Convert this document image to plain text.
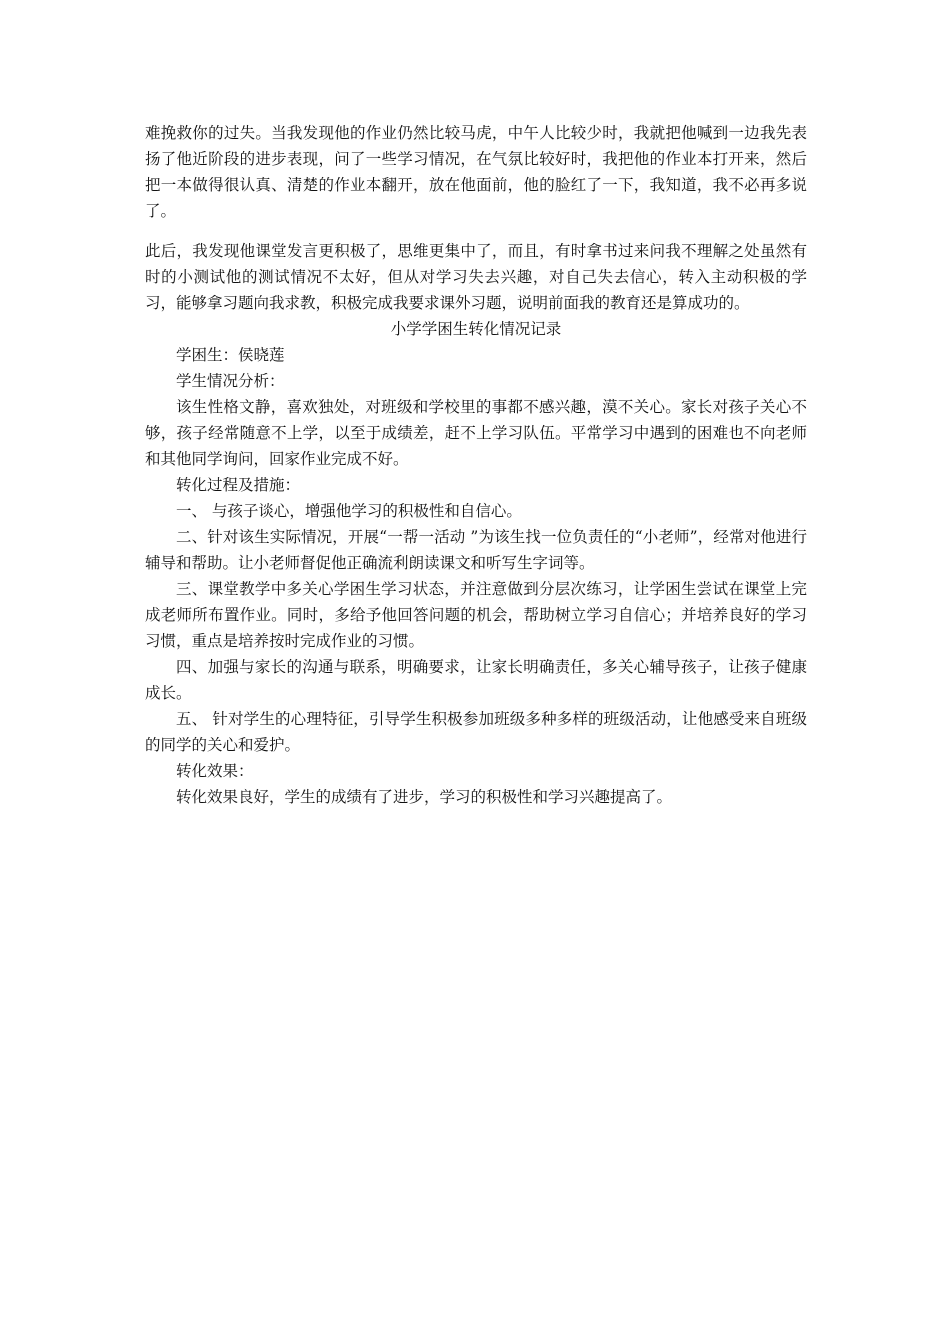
难挽救你的过失。当我发现他的作业仍然比较马虎，中午人比较少时，我就把他喊到一边我先表扬了他近阶段的进步表现，问了一些学习情况，在气氛比较好时，我把他的作业本打开来，然后把一本做得很认真、清楚的作业本翻开，放在他面前，他的脸红了一下，我知道，我不必再多说了。

此后，我发现他课堂发言更积极了，思维更集中了，而且，有时拿书过来问我不理解之处虽然有时的小测试他的测试情况不太好，但从对学习失去兴趣，对自己失去信心，转入主动积极的学习，能够拿习题向我求教，积极完成我要求课外习题，说明前面我的教育还是算成功的。

小学学困生转化情况记录

学困生：侯晓莲

学生情况分析：

该生性格文静，喜欢独处，对班级和学校里的事都不感兴趣，漠不关心。家长对孩子关心不够，孩子经常随意不上学，以至于成绩差，赶不上学习队伍。平常学习中遇到的困难也不向老师和其他同学询问，回家作业完成不好。

转化过程及措施：

一、 与孩子谈心，增强他学习的积极性和自信心。

二、针对该生实际情况，开展“一帮一活动 ”为该生找一位负责任的“小老师”，经常对他进行辅导和帮助。让小老师督促他正确流利朗读课文和听写生字词等。

三、课堂教学中多关心学困生学习状态，并注意做到分层次练习，让学困生尝试在课堂上完成老师所布置作业。同时，多给予他回答问题的机会，帮助树立学习自信心；并培养良好的学习习惯，重点是培养按时完成作业的习惯。

四、加强与家长的沟通与联系，明确要求，让家长明确责任，多关心辅导孩子，让孩子健康成长。

五、 针对学生的心理特征，引导学生积极参加班级多种多样的班级活动，让他感受来自班级的同学的关心和爱护。

转化效果：

转化效果良好，学生的成绩有了进步，学习的积极性和学习兴趣提高了。
